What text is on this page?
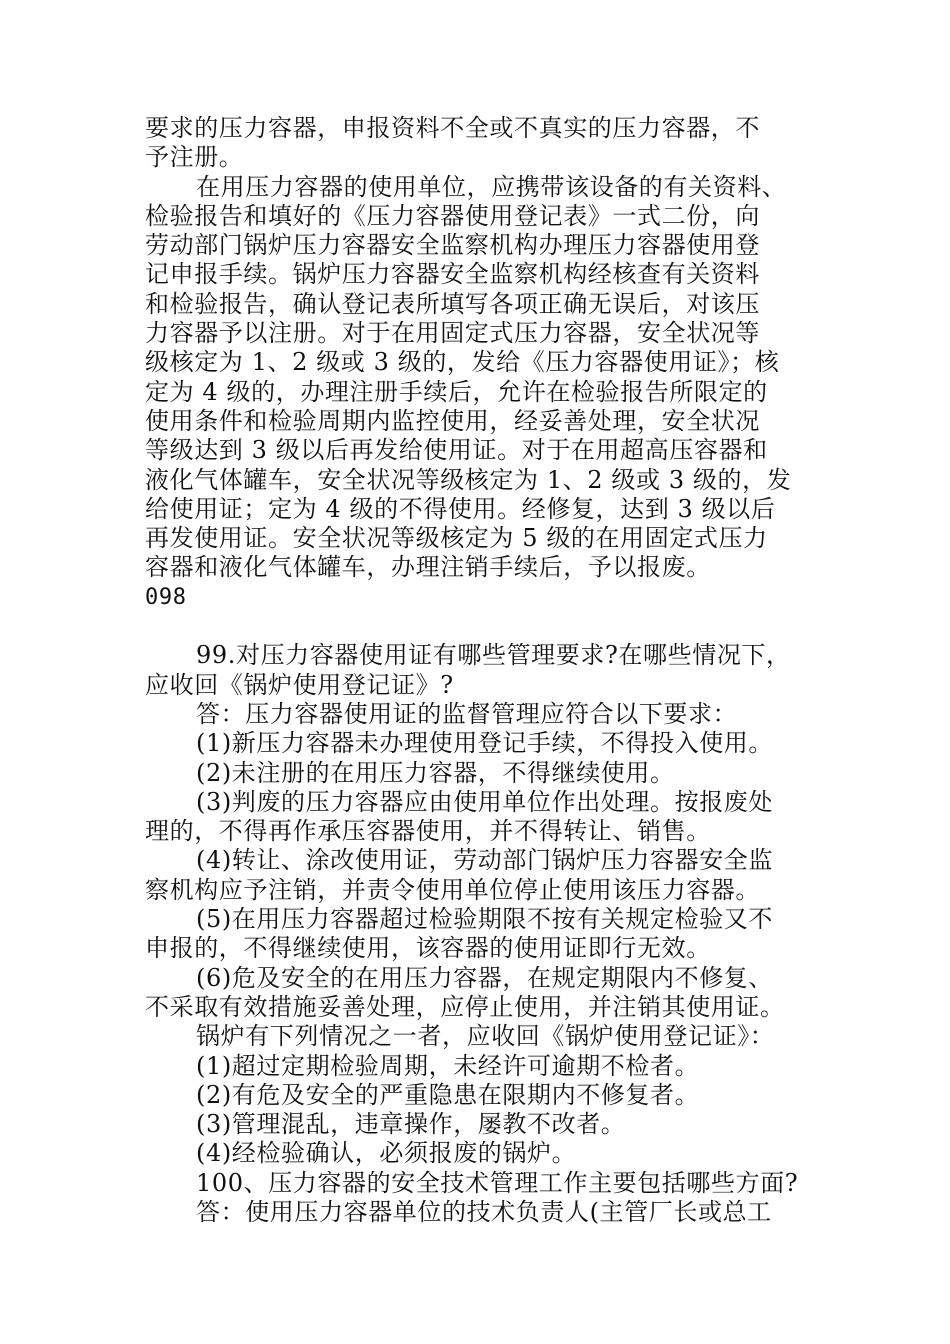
要求的压力容器，申报资料不全或不真实的压力容器，不
予注册。
在用压力容器的使用单位，应携带该设备的有关资料、
检验报告和填好的《压力容器使用登记表》一式二份，向
劳动部门锅炉压力容器安全监察机构办理压力容器使用登
记申报手续。锅炉压力容器安全监察机构经核查有关资料
和检验报告，确认登记表所填写各项正确无误后，对该压
力容器予以注册。对于在用固定式压力容器，安全状况等
级核定为 1、2 级或 3 级的，发给《压力容器使用证》；核
定为 4 级的，办理注册手续后，允许在检验报告所限定的
使用条件和检验周期内监控使用，经妥善处理，安全状况
等级达到 3 级以后再发给使用证。对于在用超高压容器和
液化气体罐车，安全状况等级核定为 1、2 级或 3 级的，发
给使用证；定为 4 级的不得使用。经修复，达到 3 级以后
再发使用证。安全状况等级核定为 5 级的在用固定式压力
容器和液化气体罐车，办理注销手续后，予以报废。
098
99.对压力容器使用证有哪些管理要求?在哪些情况下，
应收回《锅炉使用登记证》?
答：压力容器使用证的监督管理应符合以下要求：
(1)新压力容器未办理使用登记手续，不得投入使用。
(2)未注册的在用压力容器，不得继续使用。
(3)判废的压力容器应由使用单位作出处理。按报废处
理的，不得再作承压容器使用，并不得转让、销售。
(4)转让、涂改使用证，劳动部门锅炉压力容器安全监
察机构应予注销，并责令使用单位停止使用该压力容器。
(5)在用压力容器超过检验期限不按有关规定检验又不
申报的，不得继续使用，该容器的使用证即行无效。
(6)危及安全的在用压力容器，在规定期限内不修复、
不采取有效措施妥善处理，应停止使用，并注销其使用证。
锅炉有下列情况之一者，应收回《锅炉使用登记证》：
(1)超过定期检验周期，未经许可逾期不检者。
(2)有危及安全的严重隐患在限期内不修复者。
(3)管理混乱，违章操作，屡教不改者。
(4)经检验确认，必须报废的锅炉。
100、压力容器的安全技术管理工作主要包括哪些方面?
答：使用压力容器单位的技术负责人(主管厂长或总工
